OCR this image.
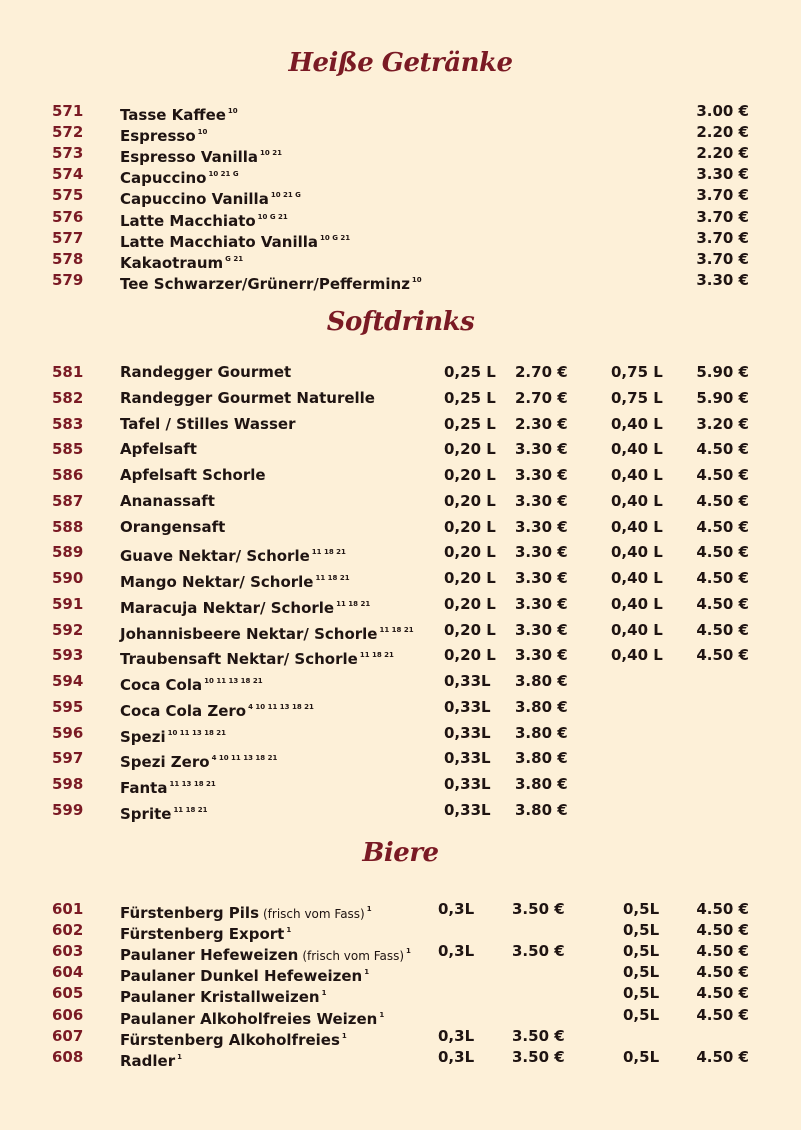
Heiße Getränke
571 Tasse Kaffee $^{10}$	3.00 €
572 Espresso $^{10}$	2.20 €
573 Espresso Vanilla $^{10 21}$	2.20 €
574 Capuccino $^{10 21 G}$	3.30 €
575 Capuccino Vanilla $^{10 21 G}$	3.70 €
576 Latte Macchiato $^{10 G 21}$	3.70 €
577 Latte Macchiato Vanilla $^{10 G 21}$	3.70 €
578 Kakaotraum $^{G 21}$	3.70 €
579 Tee Schwarzer/Grünerr/Pefferminz $^{10}$	3.30 €
Softdrinks
581 Randegger Gourmet	0,25 L 2.70 €	0,75 L 5.90 €
582 Randegger Gourmet Naturelle	0,25 L 2.70 €	0,75 L 5.90 €
583 Tafel / Stilles Wasser	0,25 L 2.30 €	0,40 L 3.20 €
585 Apfelsaft	0,20 L 3.30 €	0,40 L 4.50 €
586 Apfelsaft Schorle	0,20 L 3.30 €	0,40 L 4.50 €
587 Ananassaft	0,20 L 3.30 €	0,40 L 4.50 €
588 Orangensaft	0,20 L 3.30 €	0,40 L 4.50 €
589 Guave Nektar/ Schorle $^{11 18 21}$	0,20 L 3.30 €	0,40 L 4.50 €
590 Mango Nektar/ Schorle $^{11 18 21}$	0,20 L 3.30 €	0,40 L 4.50 €
591 Maracuja Nektar/ Schorle $^{11 18 21}$	0,20 L 3.30 €	0,40 L 4.50 €
592 Johannisbeere Nektar/ Schorle $^{11 18 21}$ 0,20 L 3.30 €	0,40 L 4.50 €
593 Traubensaft Nektar/ Schorle $^{11 18 21}$	0,20 L 3.30 €	0,40 L 4.50 €
594 Coca Cola $^{10 11 13 18 21}$	0,33L 3.80 €
595 Coca Cola Zero $^{4 10 11 13 18 21}$	0,33L 3.80 €
596 Spezi $^{10 11 13 18 21}$	0,33L 3.80 €
597 Spezi Zero $^{4 10 11 13 18 21}$	0,33L 3.80 €
598 Fanta $^{11 13 18 21}$	0,33L 3.80 €
599 Sprite $^{11 18 21}$	0,33L 3.80 €
Biere
601 Fürstenberg Pils (frisch vom Fass) $^1$	0,3L	3.50 €	0,5L 4.50 €
602 Fürstenberg Export $^1$	0,5L 4.50 €
603 Paulaner Hefeweizen (frisch vom Fass) $^1$ 0,3L	3.50 €	0,5L 4.50 €
604 Paulaner Dunkel Hefeweizen $^1$	0,5L 4.50 €
605 Paulaner Kristallweizen $^1$	0,5L 4.50 €
606 Paulaner Alkoholfreies Weizen $^1$	0,5L 4.50 €
607 Fürstenberg Alkoholfreies $^1$	0,3L	3.50 €
608 Radler $^1$	0,3L	3.50 €	0,5L 4.50 €
